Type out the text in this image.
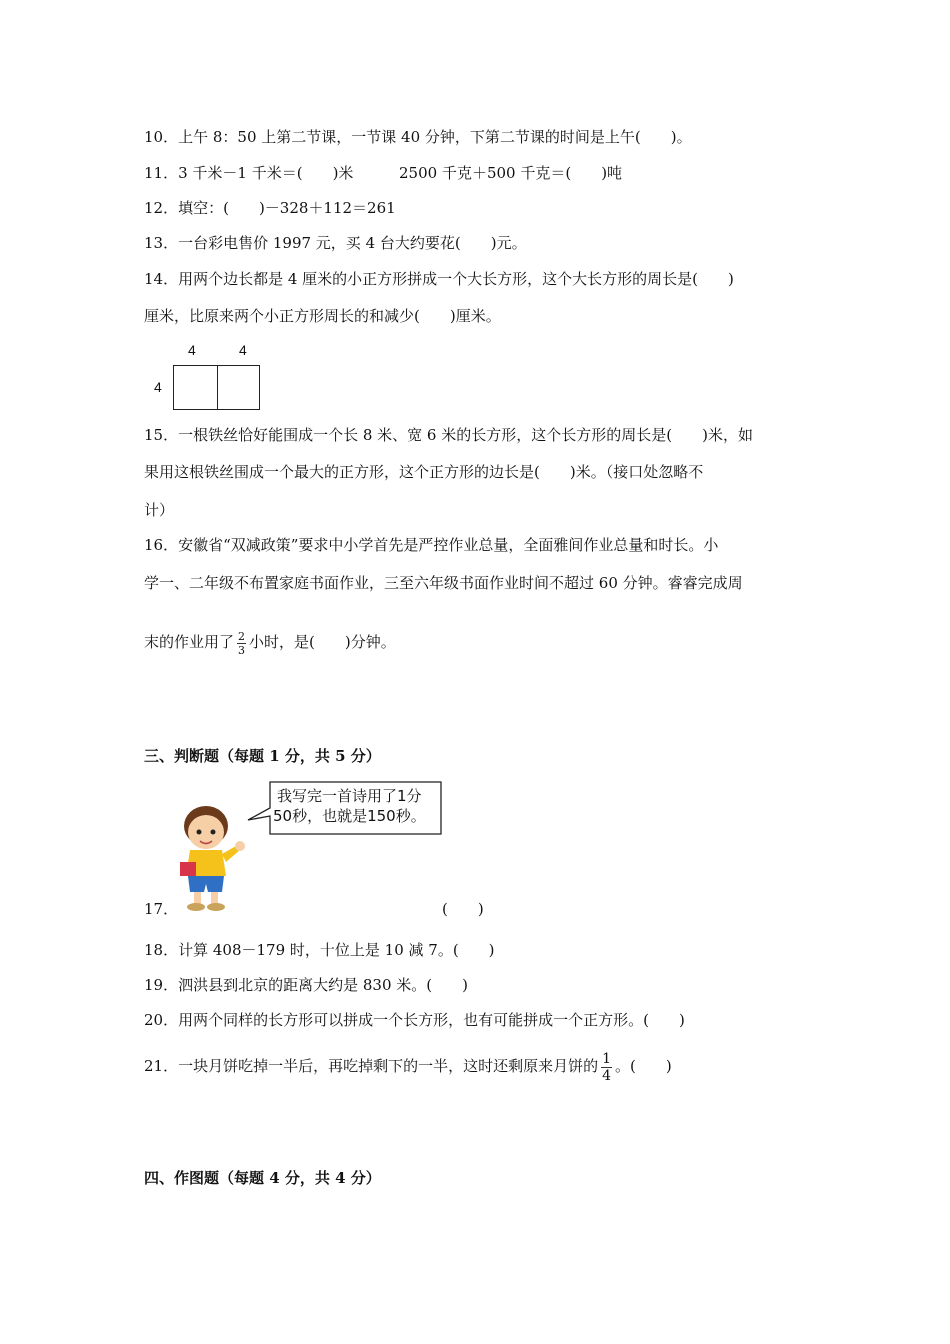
10．上午 8：50 上第二节课，一节课 40 分钟，下第二节课的时间是上午(　　)。
11．3 千米－1 千米＝(　　)米	2500 千克＋500 千克＝(　　)吨
12．填空：(　　)－328＋112＝261
13．一台彩电售价 1997 元，买 4 台大约要花(　　)元。
14．用两个边长都是 4 厘米的小正方形拼成一个大长方形，这个大长方形的周长是(　　)
厘米，比原来两个小正方形周长的和减少(　　)厘米。
4	4
4
15．一根铁丝恰好能围成一个长 8 米、宽 6 米的长方形，这个长方形的周长是(　　)米，如
果用这根铁丝围成一个最大的正方形，这个正方形的边长是(　　)米。（接口处忽略不
计）
16．安徽省“双减政策”要求中小学首先是严控作业总量，全面雅间作业总量和时长。小
学一、二年级不布置家庭书面作业，三至六年级书面作业时间不超过 60 分钟。睿睿完成周
末的作业用了 $\frac{2}{3}$ 小时，是(　　)分钟。
三、判断题（每题 1 分，共 5 分）
我写完一首诗用了1分
50秒，也就是150秒。
17．	(　　)
18．计算 408－179 时，十位上是 10 减 7。(　　)
19．泗洪县到北京的距离大约是 830 米。(　　)
20．用两个同样的长方形可以拼成一个长方形，也有可能拼成一个正方形。(　　)
21．一块月饼吃掉一半后，再吃掉剩下的一半，这时还剩原来月饼的 $\frac{1}{4}$ 。(　　)
四、作图题（每题 4 分，共 4 分）
